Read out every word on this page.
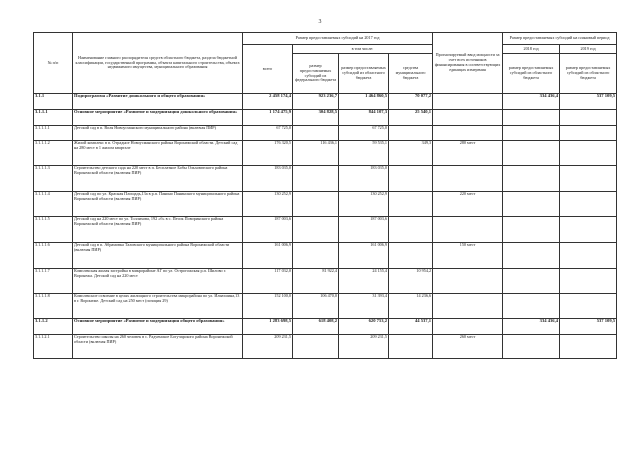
3
№ п/п	Наименование главного распорядителя средств областного бюджета, раздела бюджетной классификации, государственной программы, объекта капитального строительства, объекта недвижимого имущества, муниципального образования	Размер предоставляемых субсидий на 2017 год				Прогнозируемый ввод мощности за счет всех источников финансирования в соответствующих единицах измерения	Размер предоставляемых субсидий на плановый период	
		всего	в том числе:				2018 год	2019 год
			размер предоставляемых субсидий из федерального бюджета	размер предоставляемых субсидий из областного бюджета	средства муниципального бюджета		размер предоставляемых субсидий из областного бюджета	размер предоставляемых субсидий из областного бюджета
3.1.1	Подпрограмма «Развитие дошкольного и общего образования»	2 458 174,4	923 236,7	1 464 860,5	70 077,2		334 436,4	537 109,5
3.1.1.1	Основное мероприятие «Развитие и модернизация дошкольного образования»	1 174 475,9	304 828,5	844 107,3	25 540,1			
3.1.1.1.1	Детский сад в п. Воля Новоусманского муниципального района (включая ПИР)	67 725,0		67 725,0				
3.1.1.1.2	Жилой комплекс в п. Отрадное Новоусманского района Воронежской области. Детский сад на 280 мест в 1 жилом квартале	176 320,5	116 436,1	59 535,1	349,3	280 мест		
3.1.1.1.3	Строительство детского сада на 220 мест в п. Бесплатное Бобы Ольховатского района Воронежской области (включая ПИР)	183 035,0		183 035,0				
3.1.1.1.4	Детский сад по ул. Красная Площадь,13а в р.п. Панино Панинского муниципального района Воронежской области (включая ПИР)	130 252,9		130 252,9		220 мест		
3.1.1.1.5	Детский сад на 220 мест по ул. Толлихова, 192 «б» в с. Песок Поворинского района Воронежской области (включая ПИР)	187 003,6		187 003,6				
3.1.1.1.6	Детский сад в п. Абрамовка Таловского муниципального района Воронежской области (включая ПИР)	161 006,9		161 006,9		150 мест		
3.1.1.1.7	Комплексная жилая застройка в микрорайоне АГ по ул. Острогожская р.п. Шилово г. Воронежа. Детский сад на 220 мест	117 032,0	81 922,4	24 155,4	10 954,2			
3.1.1.1.8	Комплексное освоение в целях жилищного строительства микрорайона по ул. Ильюшина,13 в г. Воронеже. Детский сад на 250 мест (позиция 29)	152 100,0	106 470,0	31 393,4	14 236,6			
3.1.1.2	Основное мероприятие «Развитие и модернизация общего образования»	1 283 698,5	618 408,2	620 753,2	44 537,1		334 436,4	537 109,5
3.1.1.2.1	Строительство школы на 260 человек в с. Радченское Богучарского района Воронежской области (включая ПИР)	209 231,5		209 231,5		260 мест		
